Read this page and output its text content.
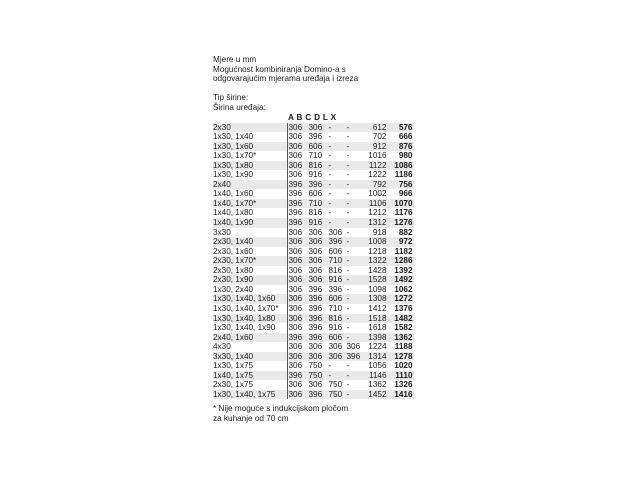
Mjere u mm

Mogućnost kombiniranja Domino-a s

odgovarajućim mjerama uređaja i izreza

Tip širine:

Širina uređaja:

	A B C D L X					
2x30	306	306	-	-	612	576
1x30, 1x40	306	396	-	-	702	666
1x30, 1x60	306	606	-	-	912	876
1x30, 1x70*	306	710	-	-	1016	980
1x30, 1x80	306	816	-	-	1122	1086
1x30, 1x90	306	916	-	-	1222	1186
2x40	396	396	-	-	792	756
1x40, 1x60	396	606	-	-	1002	966
1x40, 1x70*	396	710	-	-	1106	1070
1x40, 1x80	396	816	-	-	1212	1176
1x40, 1x90	396	916	-	-	1312	1276
3x30	306	306	306	-	918	882
2x30, 1x40	306	306	396	-	1008	972
2x30, 1x60	306	306	606	-	1218	1182
2x30, 1x70*	306	306	710	-	1322	1286
2x30, 1x80	306	306	816	-	1428	1392
2x30, 1x90	306	306	916	-	1528	1492
1x30, 2x40	306	396	396	-	1098	1062
1x30, 1x40, 1x60	306	396	606	-	1308	1272
1x30, 1x40, 1x70*	306	396	710	-	1412	1376
1x30, 1x40, 1x80	306	396	816	-	1518	1482
1x30, 1x40, 1x90	306	396	916	-	1618	1582
2x40, 1x60	396	396	606	-	1398	1362
4x30	306	306	306	306	1224	1188
3x30, 1x40	306	306	306	396	1314	1278
1x30, 1x75	306	750	-	-	1056	1020
1x40, 1x75	396	750	-	-	1146	1110
2x30, 1x75	306	306	750	-	1362	1326
1x30, 1x40, 1x75	306	396	750	-	1452	1416

* Nije moguće s indukcijskom pločom

za kuhanje od 70 cm
